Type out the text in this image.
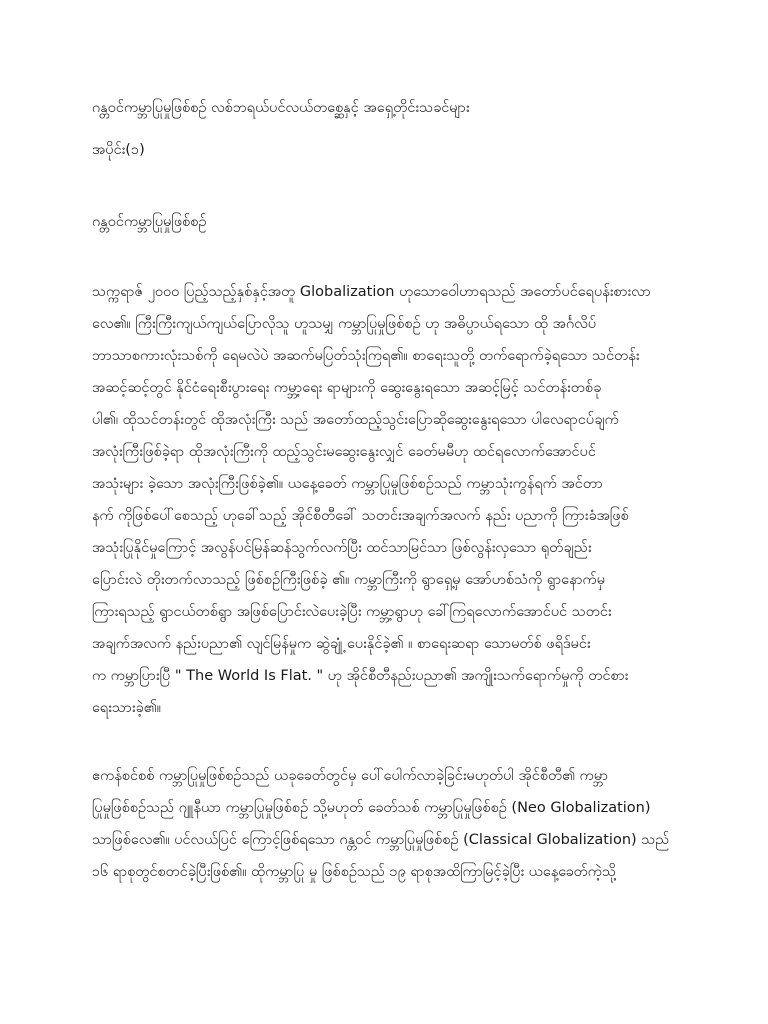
ဂန္တဝင်ကမ္ဘာပြုမှုဖြစ်စဉ် လစ်ဘရယ်ပင်လယ်တစ္ဆေနှင့် အရှေ့တိုင်းသခင်များ
အပိုင်း(၁)
ဂန္တဝင်ကမ္ဘာပြုမှုဖြစ်စဉ်
သက္ကရာဇ် ၂၀၀၀ ပြည့်သည့်နှစ်နှင့်အတူ Globalization ဟုသောဝေါဟာရသည် အတော်ပင်ရေပန်းစားလာ
လေ၏။ ကြီးကြီးကျယ်ကျယ်ပြောလိုသူ ဟူသမျှ ကမ္ဘာပြုမှုဖြစ်စဉ် ဟု အဓိပ္ပာယ်ရသော ထို အင်္ဂလိပ်
ဘာသာစကားလုံးသစ်ကို ရေမလဲပဲ အဆက်မပြတ်သုံးကြရ၏။ စာရေးသူတို့ တက်ရောက်ခဲ့ရသော သင်တန်း
အဆင့်ဆင့်တွင် နိုင်ငံရေးစီးပွားရေး ကမ္ဘာ့ရေး ရာများကို ဆွေးနွေးရသော အဆင့်မြင့် သင်တန်းတစ်ခု
ပါ၏၊ ထိုသင်တန်းတွင် ထိုအလုံးကြီး သည် အတော်ထည့်သွင်းပြောဆိုဆွေးနွေးရသော ပါလေရာငပ်ချက်
အလုံးကြီးဖြစ်ခဲ့ရာ ထိုအလုံးကြီးကို ထည့်သွင်းမဆွေးနွေးလျှင် ခေတ်မမီဟု ထင်ရလောက်အောင်ပင်
အသုံးများ ခဲ့သော အလုံးကြီးဖြစ်ခဲ့၏။ ယနေ့ခေတ် ကမ္ဘာပြုမှုဖြစ်စဉ်သည် ကမ္ဘာသုံးကွန်ရက် အင်တာ
နက် ကိုဖြစ်ပေါ်စေသည့် ဟုခေါ်သည့် အိုင်စီတီခေါ် သတင်းအချက်အလက် နည်း ပညာကို ကြားခံအဖြစ်
အသုံးပြုနိုင်မှုကြောင့် အလွန်ပင်မြန်ဆန်သွက်လက်ပြီး ထင်သာမြင်သာ ဖြစ်လွန်းလှသော ရုတ်ချည်း
ပြောင်းလဲ တိုးတက်လာသည့် ဖြစ်စဉ်ကြီးဖြစ်ခဲ့ ၏။ ကမ္ဘာကြီးကို ရွာရှေ့မှ အော်ဟစ်သံကို ရွာနောက်မှ
ကြားရသည့် ရွာငယ်တစ်ရွာ အဖြစ်ပြောင်းလဲပေးခဲ့ပြီး ကမ္ဘာ့ရွာဟု ခေါ်ကြရလောက်အောင်ပင် သတင်း
အချက်အလက် နည်းပညာ၏ လျင်မြန်မှုက ဆွဲချုံ့ ပေးနိုင်ခဲ့၏ ။ စာရေးဆရာ သောမတ်စ် ဖရိဒ်မင်း
က ကမ္ဘာပြားပြီ " The World Is Flat. " ဟု အိုင်စီတီနည်းပညာ၏ အကျိုးသက်ရောက်မှုကို တင်စား
ရေးသားခဲ့၏။
ဧကန်စင်စစ် ကမ္ဘာပြုမှုဖြစ်စဉ်သည် ယခုခေတ်တွင်မှ ပေါ်ပေါက်လာခဲ့ခြင်းမဟုတ်ပါ အိုင်စီတီ၏ ကမ္ဘာ
ပြုမှုဖြစ်စဉ်သည် ဂျူနီယာ ကမ္ဘာပြုမှုဖြစ်စဉ် သို့မဟုတ် ခေတ်သစ် ကမ္ဘာပြုမှုဖြစ်စဉ် (Neo Globalization)
သာဖြစ်လေ၏။ ပင်လယ်ပြင် ကြောင့်ဖြစ်ရသော ဂန္တဝင် ကမ္ဘာပြုမှုဖြစ်စဉ် (Classical Globalization) သည်
၁၆ ရာစုတွင်စတင်ခဲ့ပြီးဖြစ်၏။ ထိုကမ္ဘာပြု မှု ဖြစ်စဉ်သည် ၁၉ ရာစုအထိကြာမြင့်ခဲ့ပြီး ယနေ့ခေတ်ကဲ့သို့
